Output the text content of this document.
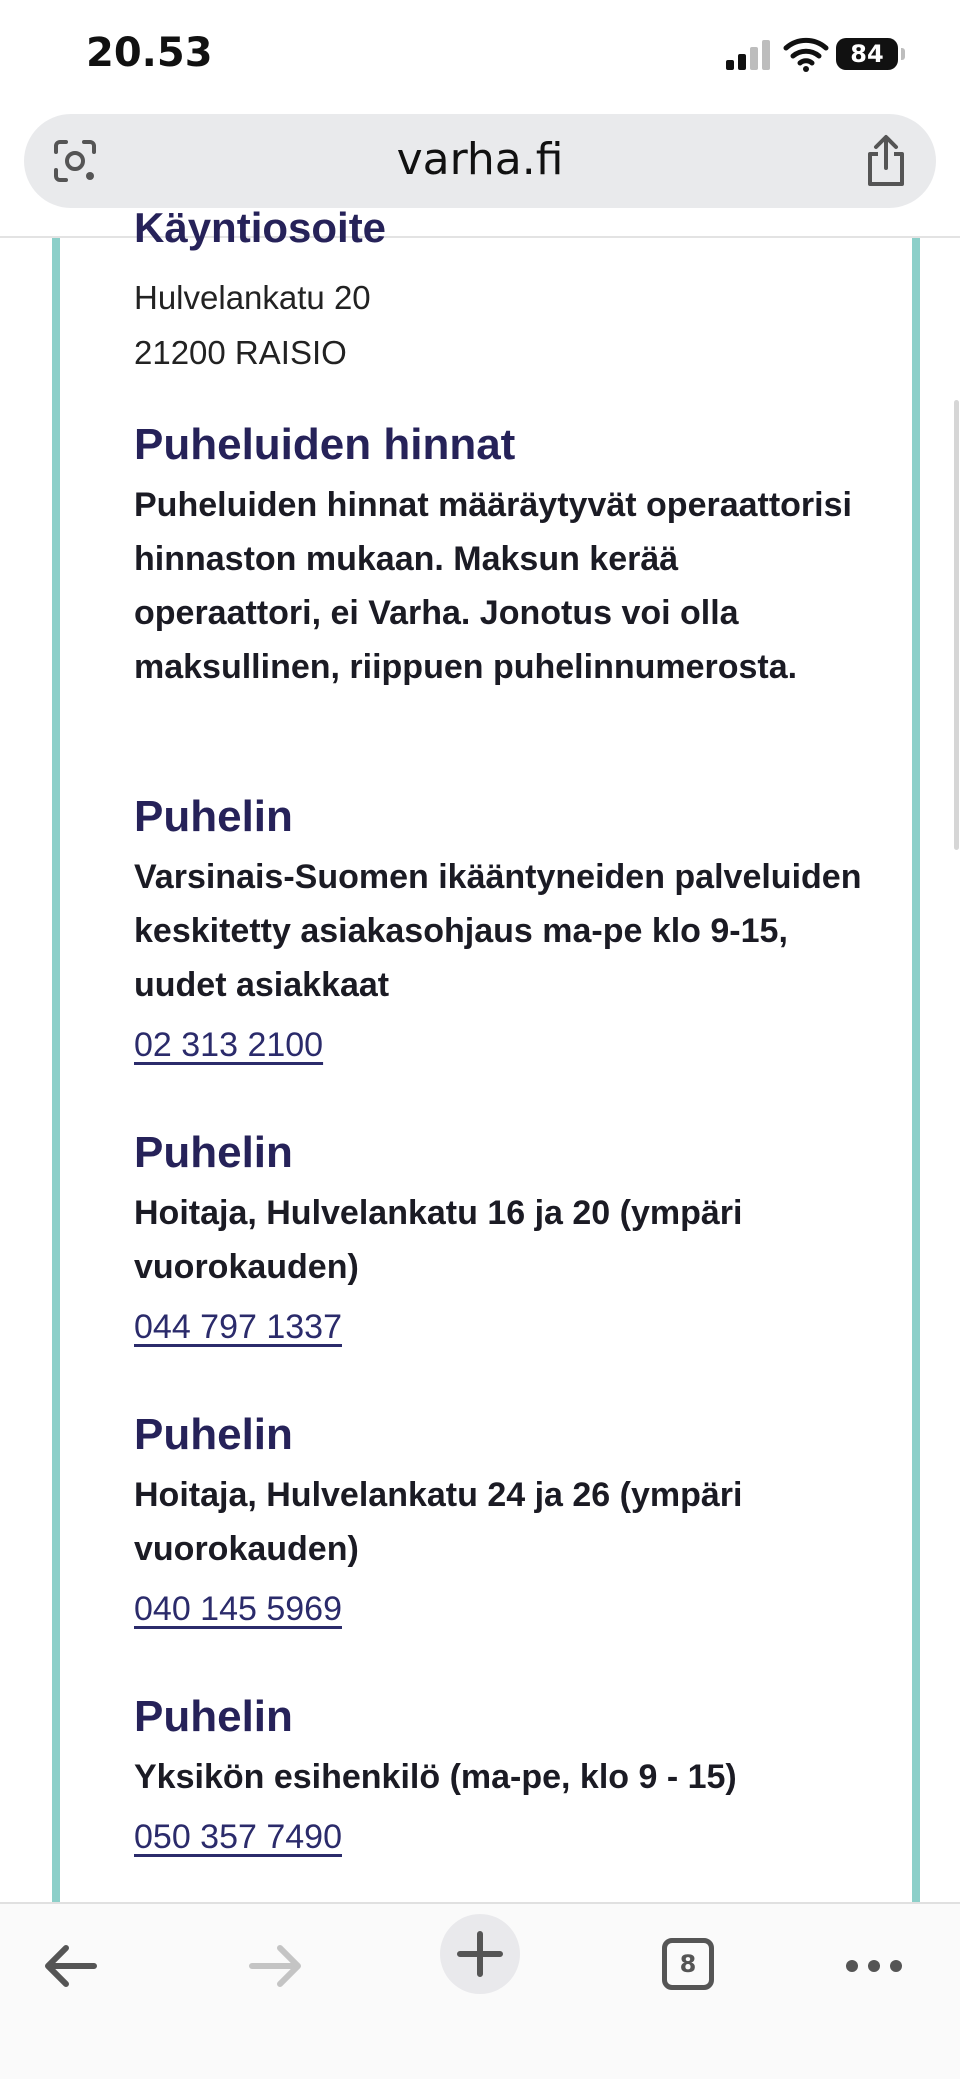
20.53	84
varha.fi
Käyntiosoite
Hulvelankatu 20
21200 RAISIO
Puheluiden hinnat

Puheluiden hinnat määräytyvät operaattorisi hinnaston mukaan. Maksun kerää operaattori, ei Varha. Jonotus voi olla maksullinen, riippuen puhelinnumerosta.

Puhelin

Varsinais-Suomen ikääntyneiden palveluiden keskitetty asiakasohjaus ma-pe klo 9-15, uudet asiakkaat

02 313 2100
Puhelin

Hoitaja, Hulvelankatu 16 ja 20 (ympäri vuorokauden)

044 797 1337
Puhelin

Hoitaja, Hulvelankatu 24 ja 26 (ympäri vuorokauden)

040 145 5969
Puhelin

Yksikön esihenkilö (ma-pe, klo 9 - 15)

050 357 7490
8
